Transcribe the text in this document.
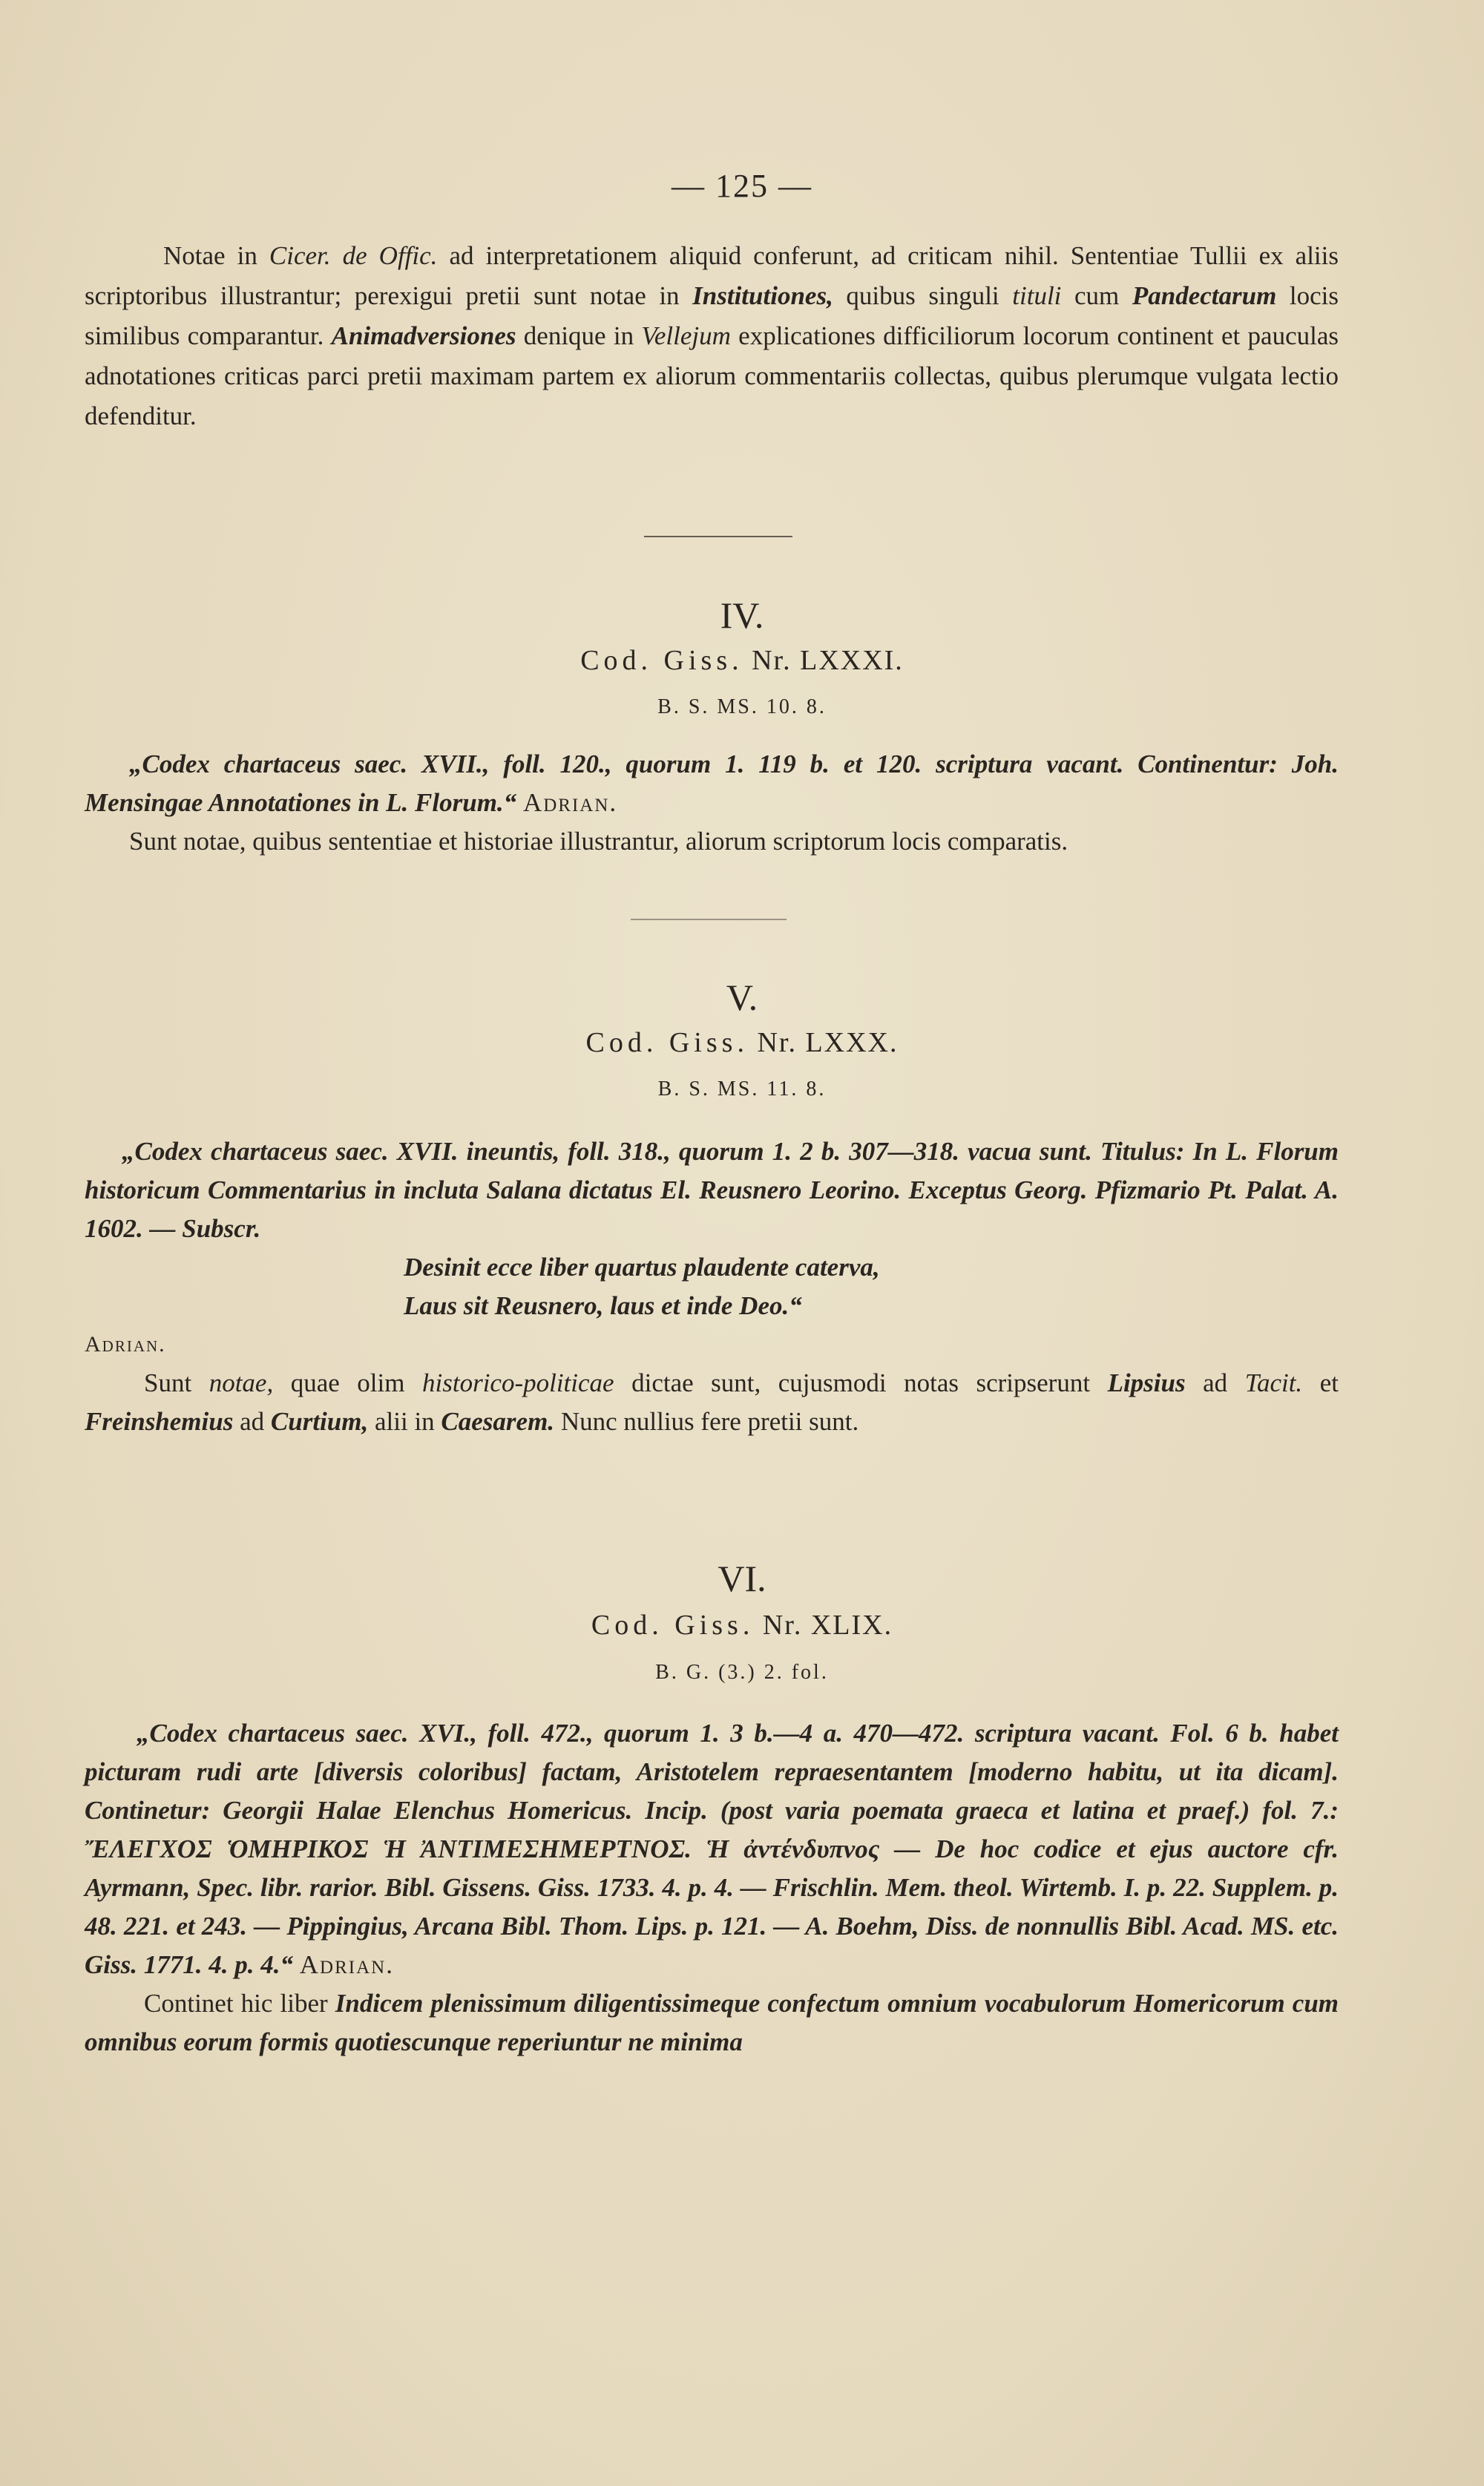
— 125 —

Notae in Cicer. de Offic. ad interpretationem aliquid conferunt, ad criticam nihil. Sententiae Tullii ex aliis scriptoribus illustrantur; perexigui pretii sunt notae in Institutiones, quibus singuli tituli cum Pandectarum locis similibus comparantur. Animadversiones denique in Vellejum explicationes difficiliorum locorum continent et pauculas adnotationes criticas parci pretii maximam partem ex aliorum commentariis collectas, quibus plerumque vulgata lectio defenditur.

IV.
Cod. Giss. Nr. LXXXI.
B. S. MS. 10. 8.

„Codex chartaceus saec. XVII., foll. 120., quorum 1. 119 b. et 120. scriptura vacant. Continentur: Joh. Mensingae Annotationes in L. Florum.“ Adrian.

Sunt notae, quibus sententiae et historiae illustrantur, aliorum scriptorum locis comparatis.

V.
Cod. Giss. Nr. LXXX.
B. S. MS. 11. 8.

„Codex chartaceus saec. XVII. ineuntis, foll. 318., quorum 1. 2 b. 307—318. vacua sunt. Titulus: In L. Florum historicum Commentarius in incluta Salana dictatus El. Reusnero Leorino. Exceptus Georg. Pfizmario Pt. Palat. A. 1602. — Subscr.

Desinit ecce liber quartus plaudente caterva,
Laus sit Reusnero, laus et inde Deo.“

Adrian.

Sunt notae, quae olim historico-politicae dictae sunt, cujusmodi notas scripserunt Lipsius ad Tacit. et Freinshemius ad Curtium, alii in Caesarem. Nunc nullius fere pretii sunt.

VI.
Cod. Giss. Nr. XLIX.
B. G. (3.) 2. fol.

„Codex chartaceus saec. XVI., foll. 472., quorum 1. 3 b.—4 a. 470—472. scriptura vacant. Fol. 6 b. habet picturam rudi arte [diversis coloribus] factam, Aristotelem repraesentantem [moderno habitu, ut ita dicam]. Continetur: Georgii Halae Elenchus Homericus. Incip. (post varia poemata graeca et latina et praef.) fol. 7.: ἜΛΕΓΧΟΣ ὉΜΗΡΙΚΟΣ Ἡ ἈΝΤΙΜΕΣΗΜΕΡΤΝΟΣ. Ἡ ἀντένδυπνος — De hoc codice et ejus auctore cfr. Ayrmann, Spec. libr. rarior. Bibl. Gissens. Giss. 1733. 4. p. 4. — Frischlin. Mem. theol. Wirtemb. I. p. 22. Supplem. p. 48. 221. et 243. — Pippingius, Arcana Bibl. Thom. Lips. p. 121. — A. Boehm, Diss. de nonnullis Bibl. Acad. MS. etc. Giss. 1771. 4. p. 4.“ Adrian.

Continet hic liber Indicem plenissimum diligentissimeque confectum omnium vocabulorum Homericorum cum omnibus eorum formis quotiescunque reperiuntur ne minima
